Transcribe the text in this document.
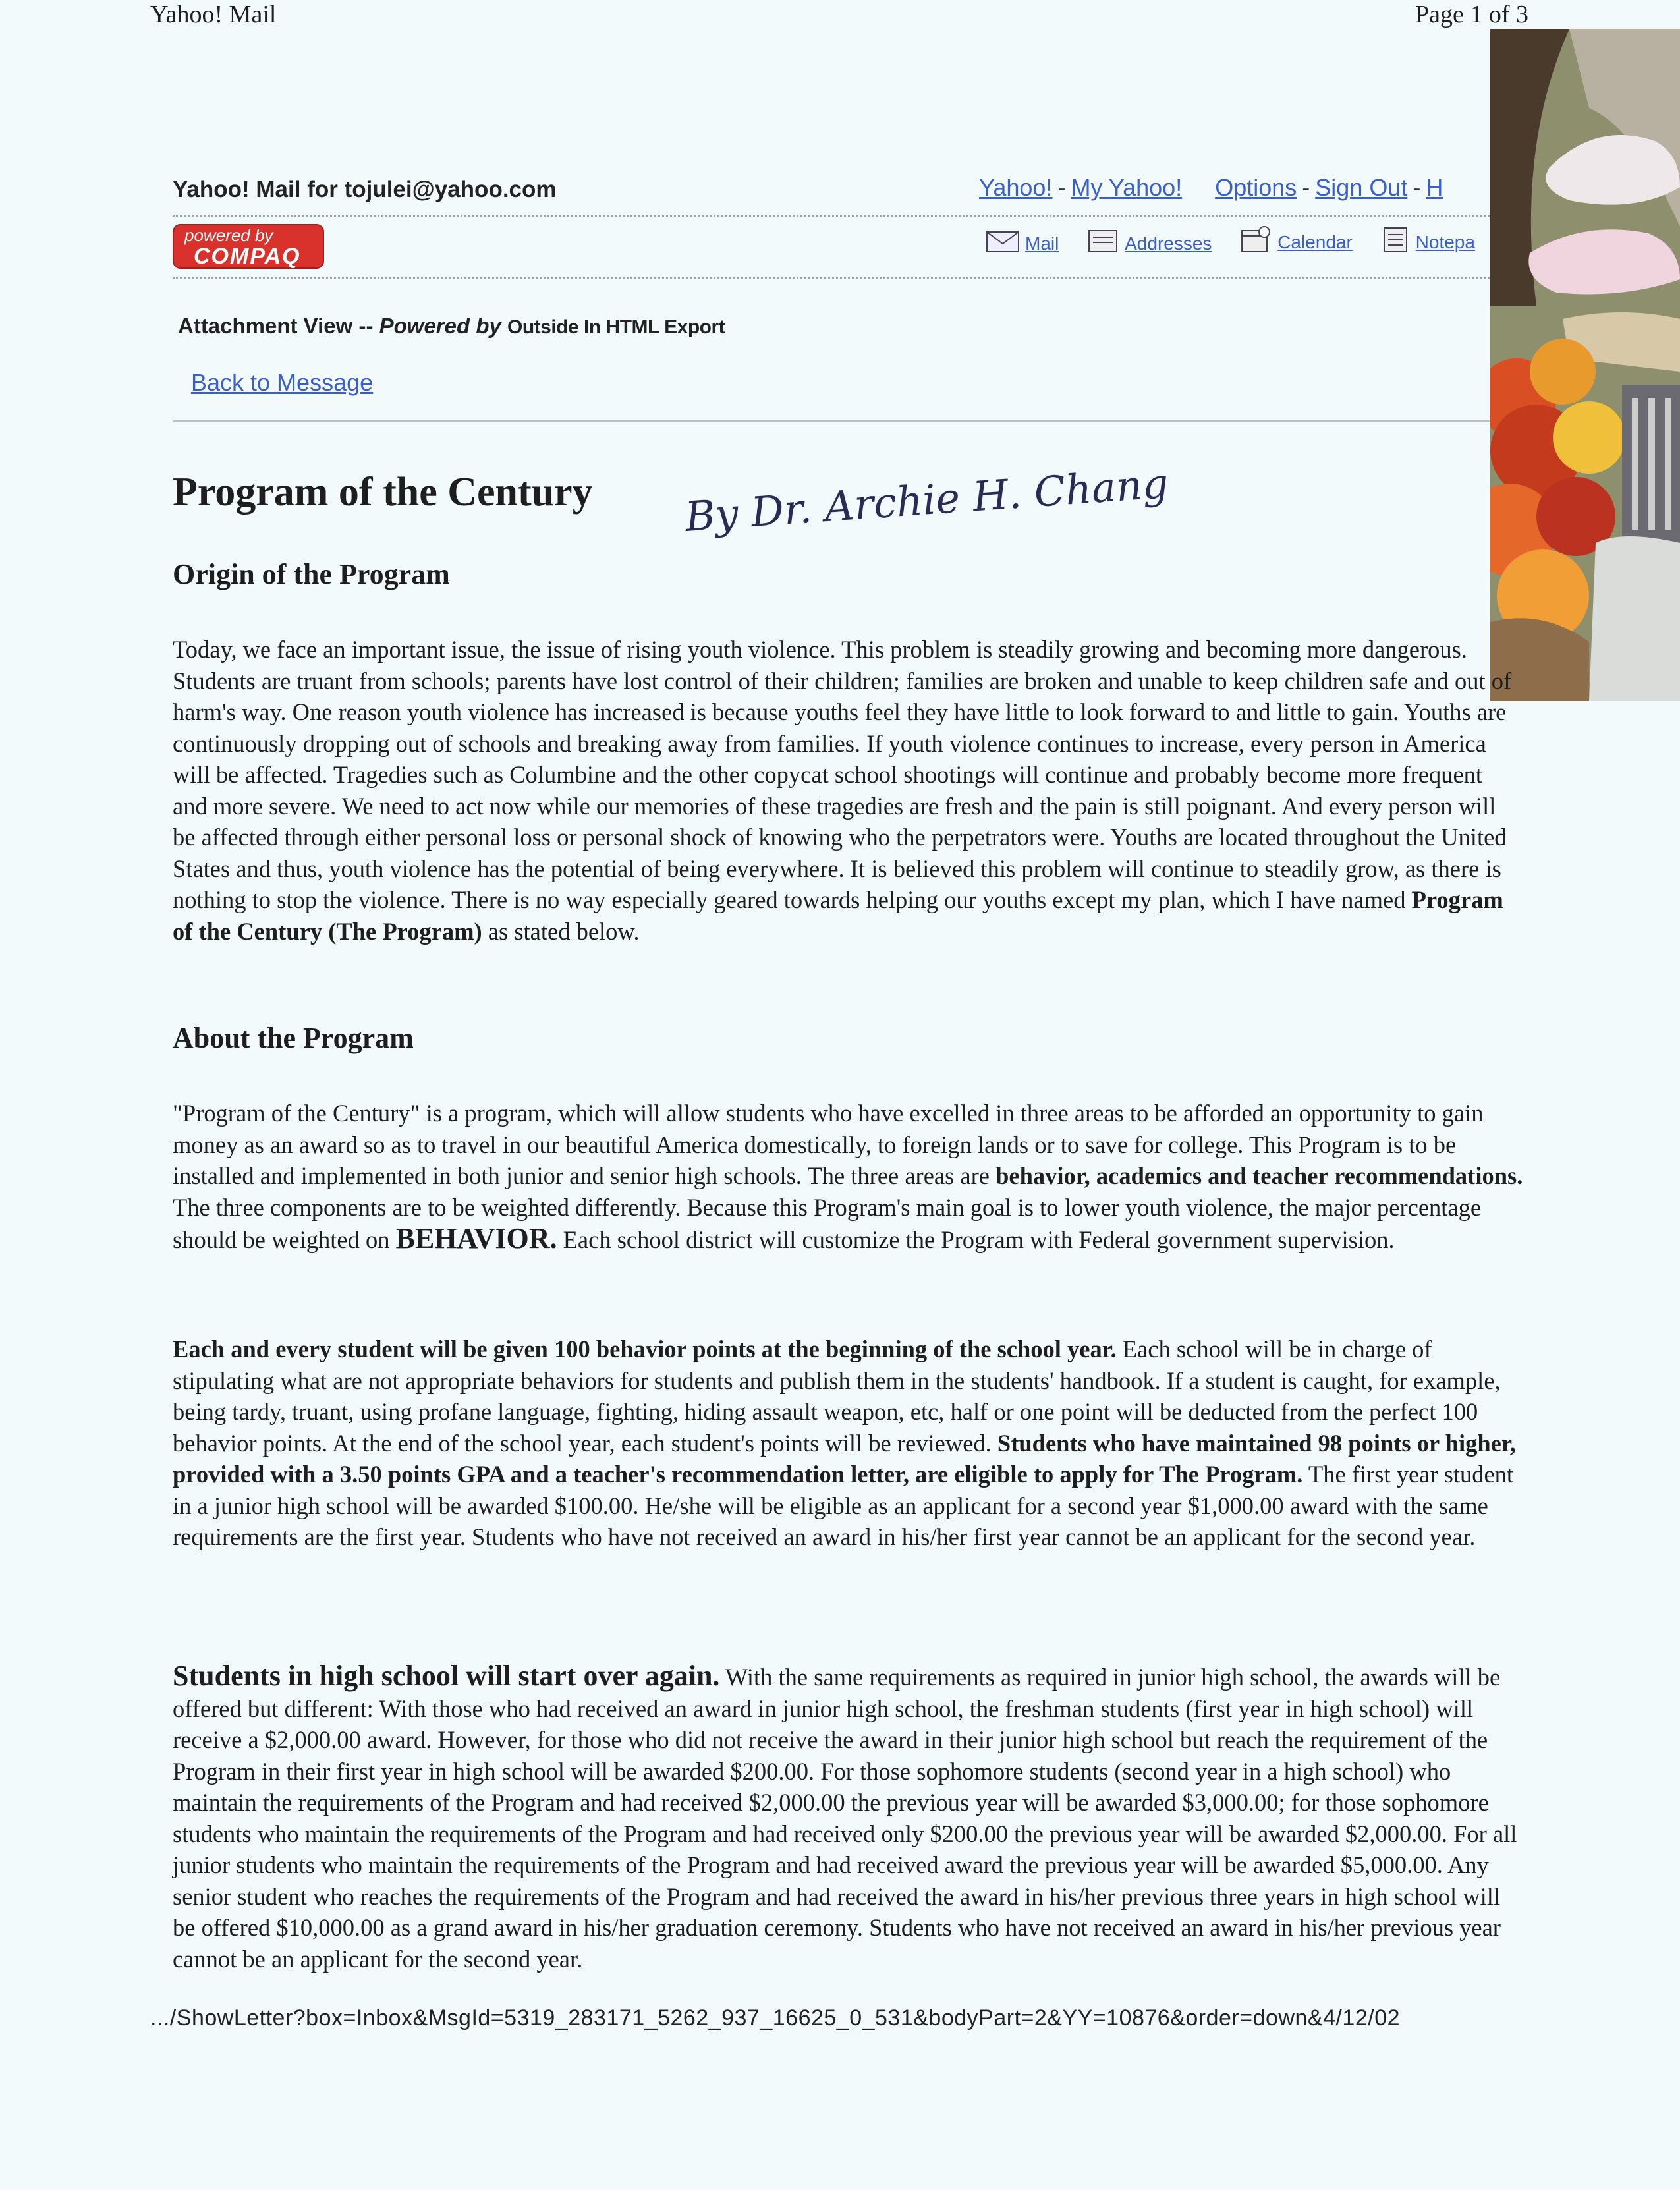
Yahoo! Mail	Page 1 of 3
Yahoo! Mail for tojulei@yahoo.com	Yahoo! - My Yahoo! Options - Sign Out - H
powered by
COMPAQ
Mail
	Addresses
	Calendar
	Notepa
Attachment View -- Powered by Outside In HTML Export
Back to Message
Program of the Century By Dr. Archie H. Chang
Origin of the Program
Today, we face an important issue, the issue of rising youth violence. This problem is steadily growing and becoming more dangerous. Students are truant from schools; parents have lost control of their children; families are broken and unable to keep children safe and out of harm's way. One reason youth violence has increased is because youths feel they have little to look forward to and little to gain. Youths are continuously dropping out of schools and breaking away from families. If youth violence continues to increase, every person in America will be affected. Tragedies such as Columbine and the other copycat school shootings will continue and probably become more frequent and more severe. We need to act now while our memories of these tragedies are fresh and the pain is still poignant. And every person will be affected through either personal loss or personal shock of knowing who the perpetrators were. Youths are located throughout the United States and thus, youth violence has the potential of being everywhere. It is believed this problem will continue to steadily grow, as there is nothing to stop the violence. There is no way especially geared towards helping our youths except my plan, which I have named Program of the Century (The Program) as stated below.
About the Program
"Program of the Century" is a program, which will allow students who have excelled in three areas to be afforded an opportunity to gain money as an award so as to travel in our beautiful America domestically, to foreign lands or to save for college. This Program is to be installed and implemented in both junior and senior high schools. The three areas are behavior, academics and teacher recommendations. The three components are to be weighted differently. Because this Program's main goal is to lower youth violence, the major percentage should be weighted on BEHAVIOR. Each school district will customize the Program with Federal government supervision.
Each and every student will be given 100 behavior points at the beginning of the school year. Each school will be in charge of stipulating what are not appropriate behaviors for students and publish them in the students' handbook. If a student is caught, for example, being tardy, truant, using profane language, fighting, hiding assault weapon, etc, half or one point will be deducted from the perfect 100 behavior points. At the end of the school year, each student's points will be reviewed. Students who have maintained 98 points or higher, provided with a 3.50 points GPA and a teacher's recommendation letter, are eligible to apply for The Program. The first year student in a junior high school will be awarded $100.00. He/she will be eligible as an applicant for a second year $1,000.00 award with the same requirements are the first year. Students who have not received an award in his/her first year cannot be an applicant for the second year.
Students in high school will start over again. With the same requirements as required in junior high school, the awards will be offered but different: With those who had received an award in junior high school, the freshman students (first year in high school) will receive a $2,000.00 award. However, for those who did not receive the award in their junior high school but reach the requirement of the Program in their first year in high school will be awarded $200.00. For those sophomore students (second year in a high school) who maintain the requirements of the Program and had received $2,000.00 the previous year will be awarded $3,000.00; for those sophomore students who maintain the requirements of the Program and had received only $200.00 the previous year will be awarded $2,000.00. For all junior students who maintain the requirements of the Program and had received award the previous year will be awarded $5,000.00. Any senior student who reaches the requirements of the Program and had received the award in his/her previous three years in high school will be offered $10,000.00 as a grand award in his/her graduation ceremony. Students who have not received an award in his/her previous year cannot be an applicant for the second year.
.../ShowLetter?box=Inbox&MsgId=5319_283171_5262_937_16625_0_531&bodyPart=2&YY=10876&order=down&4/12/02
